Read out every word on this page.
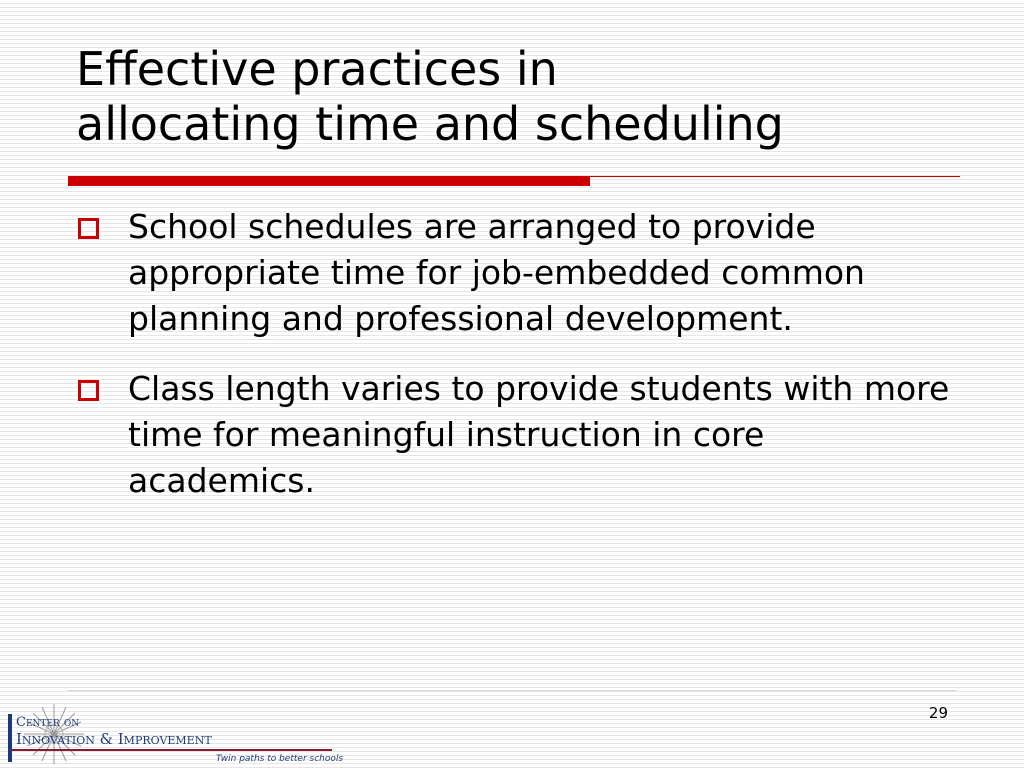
Effective practices in
allocating time and scheduling
School schedules are arranged to provide appropriate time for job-embedded common planning and professional development.
Class length varies to provide students with more time for meaningful instruction in core academics.
29
Center on
Innovation & Improvement
Twin paths to better schools
